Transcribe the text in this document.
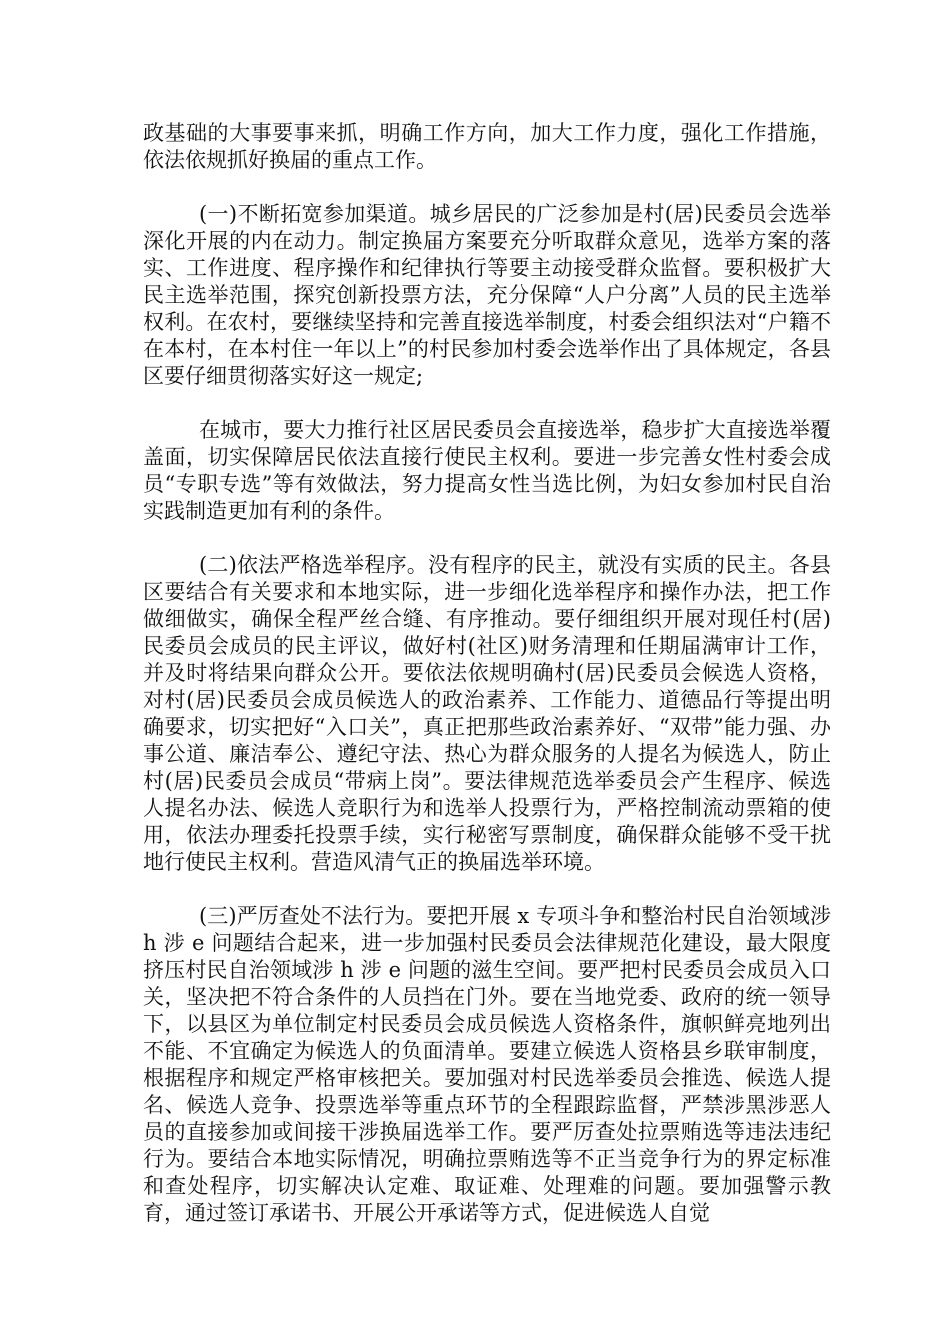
政基础的大事要事来抓，明确工作方向，加大工作力度，强化工作措施，依法依规抓好换届的重点工作。

(一)不断拓宽参加渠道。城乡居民的广泛参加是村(居)民委员会选举深化开展的内在动力。制定换届方案要充分听取群众意见，选举方案的落实、工作进度、程序操作和纪律执行等要主动接受群众监督。要积极扩大民主选举范围，探究创新投票方法，充分保障“人户分离”人员的民主选举权利。在农村，要继续坚持和完善直接选举制度，村委会组织法对“户籍不在本村，在本村住一年以上”的村民参加村委会选举作出了具体规定，各县区要仔细贯彻落实好这一规定;

在城市，要大力推行社区居民委员会直接选举，稳步扩大直接选举覆盖面，切实保障居民依法直接行使民主权利。要进一步完善女性村委会成员“专职专选”等有效做法，努力提高女性当选比例，为妇女参加村民自治实践制造更加有利的条件。

(二)依法严格选举程序。没有程序的民主，就没有实质的民主。各县区要结合有关要求和本地实际，进一步细化选举程序和操作办法，把工作做细做实，确保全程严丝合缝、有序推动。要仔细组织开展对现任村(居)民委员会成员的民主评议，做好村(社区)财务清理和任期届满审计工作，并及时将结果向群众公开。要依法依规明确村(居)民委员会候选人资格，对村(居)民委员会成员候选人的政治素养、工作能力、道德品行等提出明确要求，切实把好“入口关”，真正把那些政治素养好、“双带”能力强、办事公道、廉洁奉公、遵纪守法、热心为群众服务的人提名为候选人，防止村(居)民委员会成员“带病上岗”。要法律规范选举委员会产生程序、候选人提名办法、候选人竞职行为和选举人投票行为，严格控制流动票箱的使用，依法办理委托投票手续，实行秘密写票制度，确保群众能够不受干扰地行使民主权利。营造风清气正的换届选举环境。

(三)严厉查处不法行为。要把开展 x 专项斗争和整治村民自治领域涉 h 涉 e 问题结合起来，进一步加强村民委员会法律规范化建设，最大限度挤压村民自治领域涉 h 涉 e 问题的滋生空间。要严把村民委员会成员入口关，坚决把不符合条件的人员挡在门外。要在当地党委、政府的统一领导下，以县区为单位制定村民委员会成员候选人资格条件，旗帜鲜亮地列出不能、不宜确定为候选人的负面清单。要建立候选人资格县乡联审制度，根据程序和规定严格审核把关。要加强对村民选举委员会推选、候选人提名、候选人竞争、投票选举等重点环节的全程跟踪监督，严禁涉黑涉恶人员的直接参加或间接干涉换届选举工作。要严厉查处拉票贿选等违法违纪行为。要结合本地实际情况，明确拉票贿选等不正当竞争行为的界定标准和查处程序，切实解决认定难、取证难、处理难的问题。要加强警示教育，通过签订承诺书、开展公开承诺等方式，促进候选人自觉
